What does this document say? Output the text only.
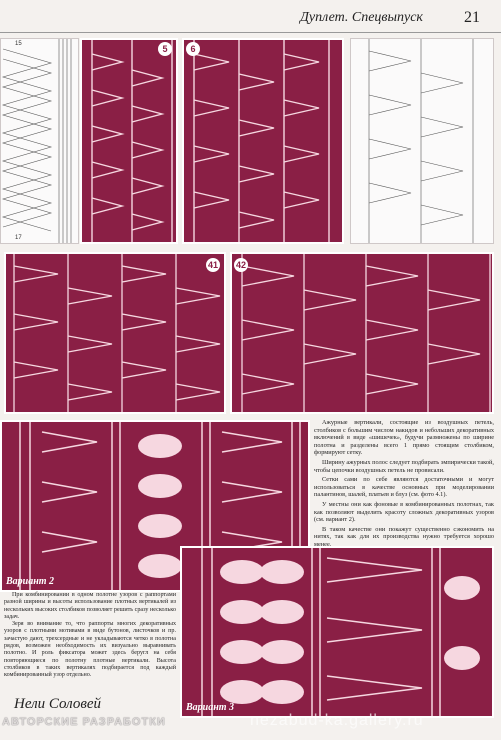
Дуплет. Спецвыпуск	21
15
17
5	6
41 42
Вариант 2
Вариант 3

Ажурные вертикали, состоящие из воздушных петель, столбиков с большим числом накидов и небольших декоративных включений в виде «шишечек», будучи размножены по ширине полотна и разделены всего 1 прямо стоящим столбиком, формируют сетку.

Ширину ажурных полос следует подбирать эмпирически такой, чтобы цепочки воздушных петель не провисали.

Сетки сами по себе являются достаточными и могут использоваться в качестве основных при моделировании палантинов, шалей, платьев и блуз (см. фото 4.1).

У местны они как фоновые в комбинированных полотнах, так как позволяют выделить красоту сложных декоративных узоров (см. вариант 2).

В таком качестве они покажут существенно сэкономить на нитях, так как для их производства нужно требуется хорошо менее.

При комбинировании в одном полотне узоров с раппортами разной ширины и высоты использование плотных вертикалей из нескольких высоких столбиков позволяет решить сразу несколько задач.

Зеря во внимание то, что раппорты многих декоративных узоров с плотными мотивами в виде бутонов, листочков и пр. зачастую дают, трехсердные и не укладываются четко в полотна рядов, возможен необходимость их визуально выравнивать полотно. И роль фиксатора может здесь беругл на себя повторяющиеся по полотну плотные вертикали. Высота столбиков в таких вертикалях подбирается под каждый комбинированный узор отдельно.

Нели Соловей
АВТОРСКИЕ РАЗРАБОТКИ	nezabud-ka.gallery.ru
